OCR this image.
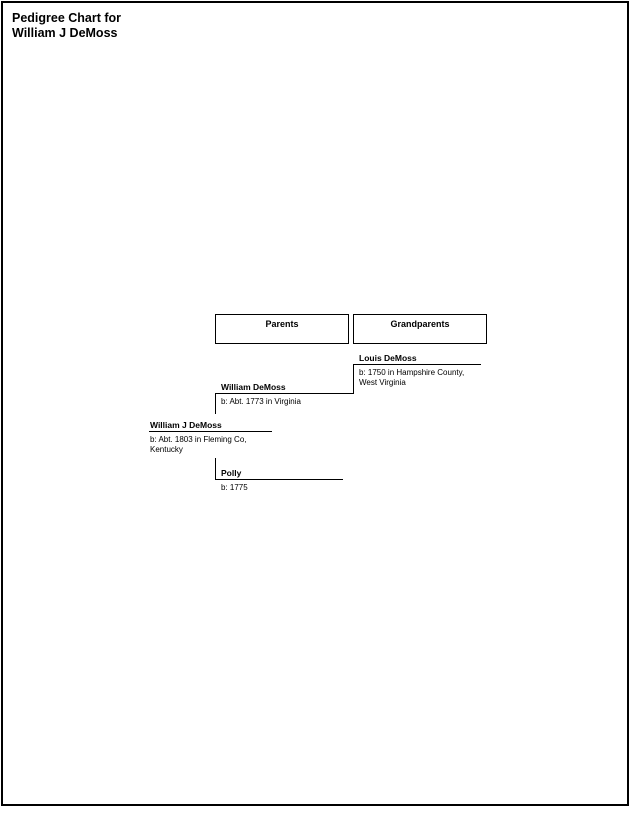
Pedigree Chart for
William J DeMoss
Parents	Grandparents
Louis DeMoss
b: 1750 in Hampshire County, West Virginia
William DeMoss
b: Abt. 1773 in Virginia
William J DeMoss
b: Abt. 1803 in Fleming Co, Kentucky
Polly
b: 1775
